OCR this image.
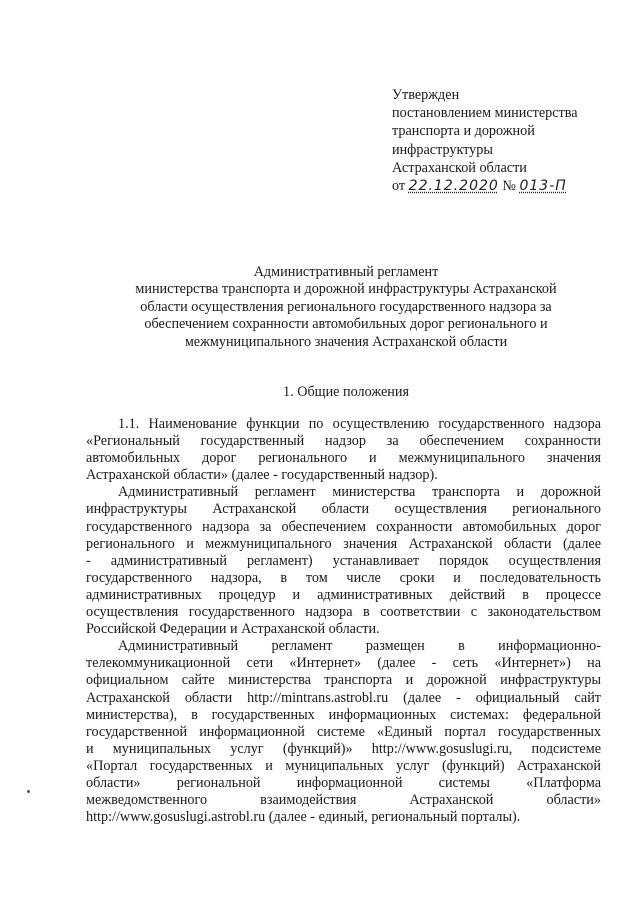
Утвержден
постановлением министерства
транспорта и дорожной
инфраструктуры
Астраханской области
от 22.12.2020 № 013-П
Административный регламент
министерства транспорта и дорожной инфраструктуры Астраханской
области осуществления регионального государственного надзора за
обеспечением сохранности автомобильных дорог регионального и
межмуниципального значения Астраханской области
1. Общие положения
1.1. Наименование функции по осуществлению государственного надзора
«Региональный государственный надзор за обеспечением сохранности
автомобильных дорог регионального и межмуниципального значения
Астраханской области» (далее - государственный надзор).
Административный регламент министерства транспорта и дорожной
инфраструктуры Астраханской области осуществления регионального
государственного надзора за обеспечением сохранности автомобильных дорог
регионального и межмуниципального значения Астраханской области (далее
- административный регламент) устанавливает порядок осуществления
государственного надзора, в том числе сроки и последовательность
административных процедур и административных действий в процессе
осуществления государственного надзора в соответствии с законодательством
Российской Федерации и Астраханской области.
Административный регламент размещен в информационно-
телекоммуникационной сети «Интернет» (далее - сеть «Интернет») на
официальном сайте министерства транспорта и дорожной инфраструктуры
Астраханской области http://mintrans.astrobl.ru (далее - официальный сайт
министерства), в государственных информационных системах: федеральной
государственной информационной системе «Единый портал государственных
и муниципальных услуг (функций)» http://www.gosuslugi.ru, подсистеме
«Портал государственных и муниципальных услуг (функций) Астраханской
области» региональной информационной системы «Платформа
межведомственного взаимодействия Астраханской области»
http://www.gosuslugi.astrobl.ru (далее - единый, региональный порталы).
